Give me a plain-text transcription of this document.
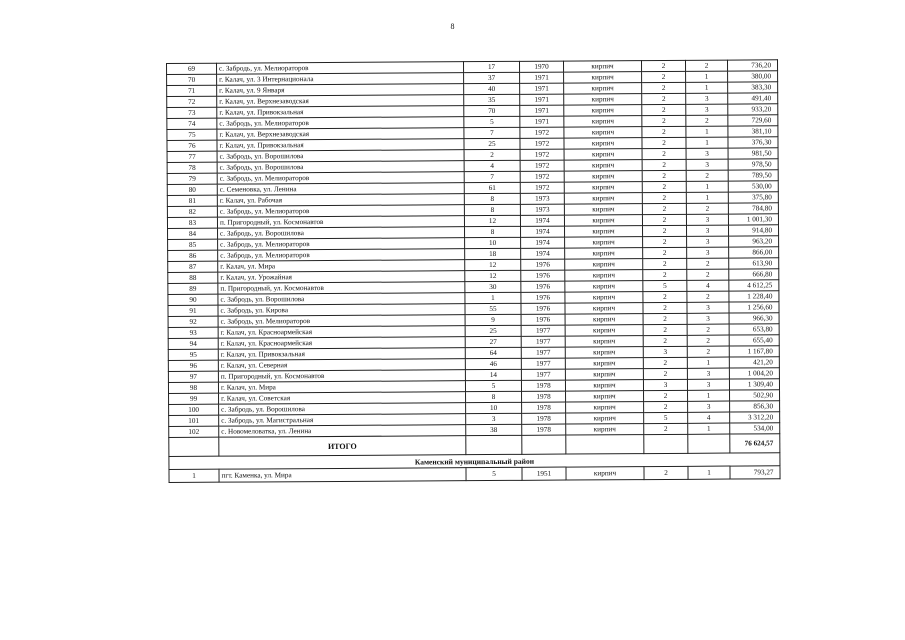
8
69	с. Забродь, ул. Мелиораторов	17	1970	кирпич	2	2	736,20
70	г. Калач, ул. 3 Интернационала	37	1971	кирпич	2	1	380,00
71	г. Калач, ул. 9 Января	40	1971	кирпич	2	1	383,30
72	г. Калач, ул. Верхнезаводская	35	1971	кирпич	2	3	491,40
73	г. Калач, ул. Привокзальная	70	1971	кирпич	2	3	933,20
74	с. Забродь, ул. Мелиораторов	5	1971	кирпич	2	2	729,60
75	г. Калач, ул. Верхнезаводская	7	1972	кирпич	2	1	381,10
76	г. Калач, ул. Привокзальная	25	1972	кирпич	2	1	376,30
77	с. Забродь, ул. Ворошилова	2	1972	кирпич	2	3	981,50
78	с. Забродь, ул. Ворошилова	4	1972	кирпич	2	3	978,50
79	с. Забродь, ул. Мелиораторов	7	1972	кирпич	2	2	789,50
80	с. Семеновка, ул. Ленина	61	1972	кирпич	2	1	530,00
81	г. Калач, ул. Рабочая	8	1973	кирпич	2	1	375,80
82	с. Забродь, ул. Мелиораторов	8	1973	кирпич	2	2	784,80
83	п. Пригородный, ул. Космонавтов	12	1974	кирпич	2	3	1 001,30
84	с. Забродь, ул. Ворошилова	8	1974	кирпич	2	3	914,80
85	с. Забродь, ул. Мелиораторов	10	1974	кирпич	2	3	963,20
86	с. Забродь, ул. Мелиораторов	18	1974	кирпич	2	3	866,00
87	г. Калач, ул. Мира	12	1976	кирпич	2	2	613,90
88	г. Калач, ул. Урожайная	12	1976	кирпич	2	2	666,80
89	п. Пригородный, ул. Космонавтов	30	1976	кирпич	5	4	4 612,25
90	с. Забродь, ул. Ворошилова	1	1976	кирпич	2	2	1 228,40
91	с. Забродь, ул. Кирова	55	1976	кирпич	2	3	1 256,60
92	с. Забродь, ул. Мелиораторов	9	1976	кирпич	2	3	966,30
93	г. Калач, ул. Красноармейская	25	1977	кирпич	2	2	653,80
94	г. Калач, ул. Красноармейская	27	1977	кирпич	2	2	655,40
95	г. Калач, ул. Привокзальная	64	1977	кирпич	3	2	1 167,80
96	г. Калач, ул. Северная	46	1977	кирпич	2	1	421,20
97	п. Пригородный, ул. Космонавтов	14	1977	кирпич	2	3	1 004,20
98	г. Калач, ул. Мира	5	1978	кирпич	3	3	1 309,40
99	г. Калач, ул. Советская	8	1978	кирпич	2	1	502,90
100	с. Забродь, ул. Ворошилова	10	1978	кирпич	2	3	856,30
101	с. Забродь, ул. Магистральная	3	1978	кирпич	5	4	3 312,20
102	с. Новомеловатка, ул. Ленина	38	1978	кирпич	2	1	534,00
	ИТОГО						76 624,57
Каменский муниципальный район							
1	пгт. Каменка, ул. Мира	5	1951	кирпич	2	1	793,27
